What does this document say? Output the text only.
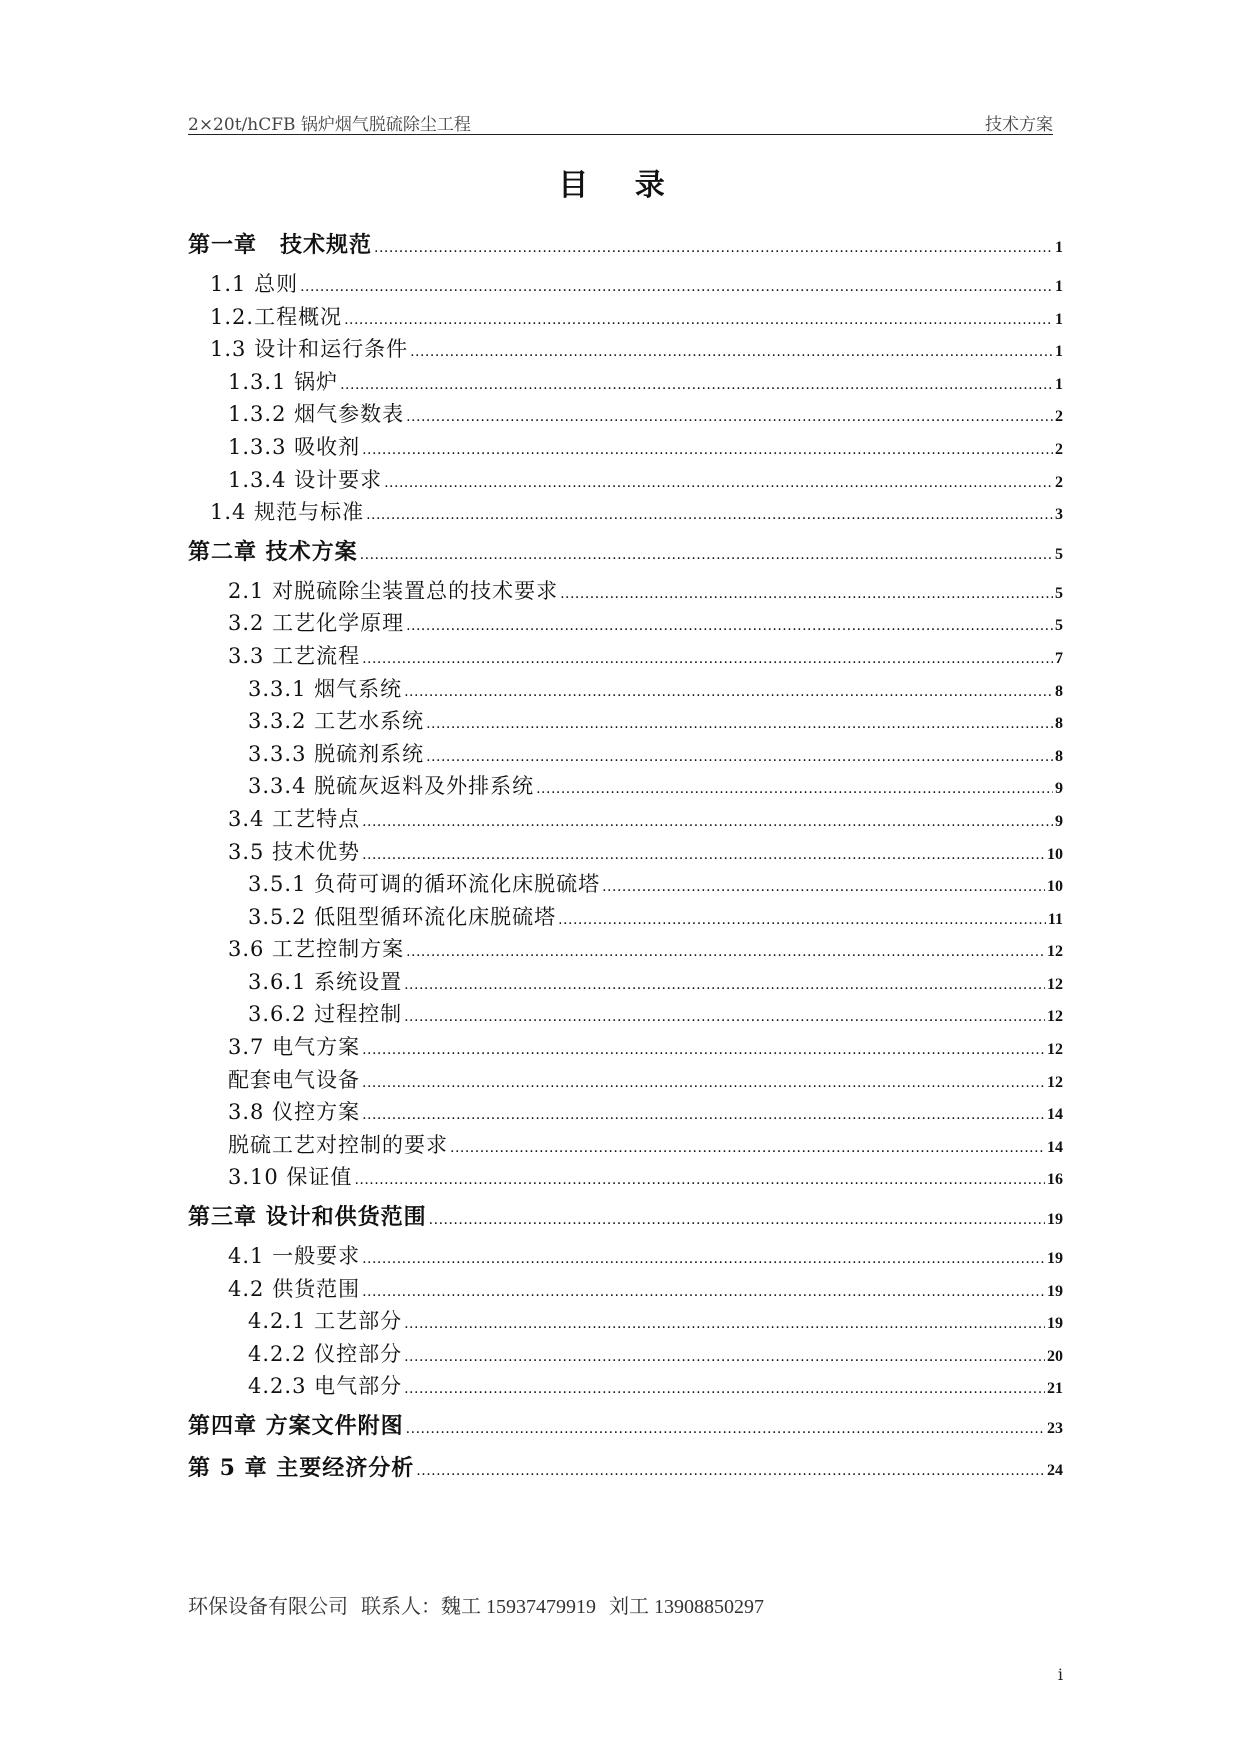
2×20t/hCFB 锅炉烟气脱硫除尘工程	技术方案
目 录
第一章　技术规范 .....	1
1.1 总则 .....	1
1.2.工程概况 .....	1
1.3 设计和运行条件 .....	1
1.3.1 锅炉 .....	1
1.3.2 烟气参数表 .....	2
1.3.3 吸收剂 .....	2
1.3.4 设计要求 .....	2
1.4 规范与标准 .....	3
第二章 技术方案 .....	5
2.1 对脱硫除尘装置总的技术要求 .....	5
3.2 工艺化学原理 .....	5
3.3 工艺流程 .....	7
3.3.1 烟气系统 .....	8
3.3.2 工艺水系统 .....	8
3.3.3 脱硫剂系统 .....	8
3.3.4 脱硫灰返料及外排系统 .....	9
3.4 工艺特点 .....	9
3.5 技术优势 .....	10
3.5.1 负荷可调的循环流化床脱硫塔 .....	10
3.5.2 低阻型循环流化床脱硫塔 .....	11
3.6 工艺控制方案 .....	12
3.6.1 系统设置 .....	12
3.6.2 过程控制 .....	12
3.7 电气方案 .....	12
配套电气设备 .....	12
3.8 仪控方案 .....	14
脱硫工艺对控制的要求 .....	14
3.10 保证值 .....	16
第三章 设计和供货范围 .....	19
4.1 一般要求 .....	19
4.2 供货范围 .....	19
4.2.1 工艺部分 .....	19
4.2.2 仪控部分 .....	20
4.2.3 电气部分 .....	21
第四章 方案文件附图 .....	23
第 5 章 主要经济分析 .....	24
环保设备有限公司 联系人：魏工 15937479919 刘工 13908850297
i
